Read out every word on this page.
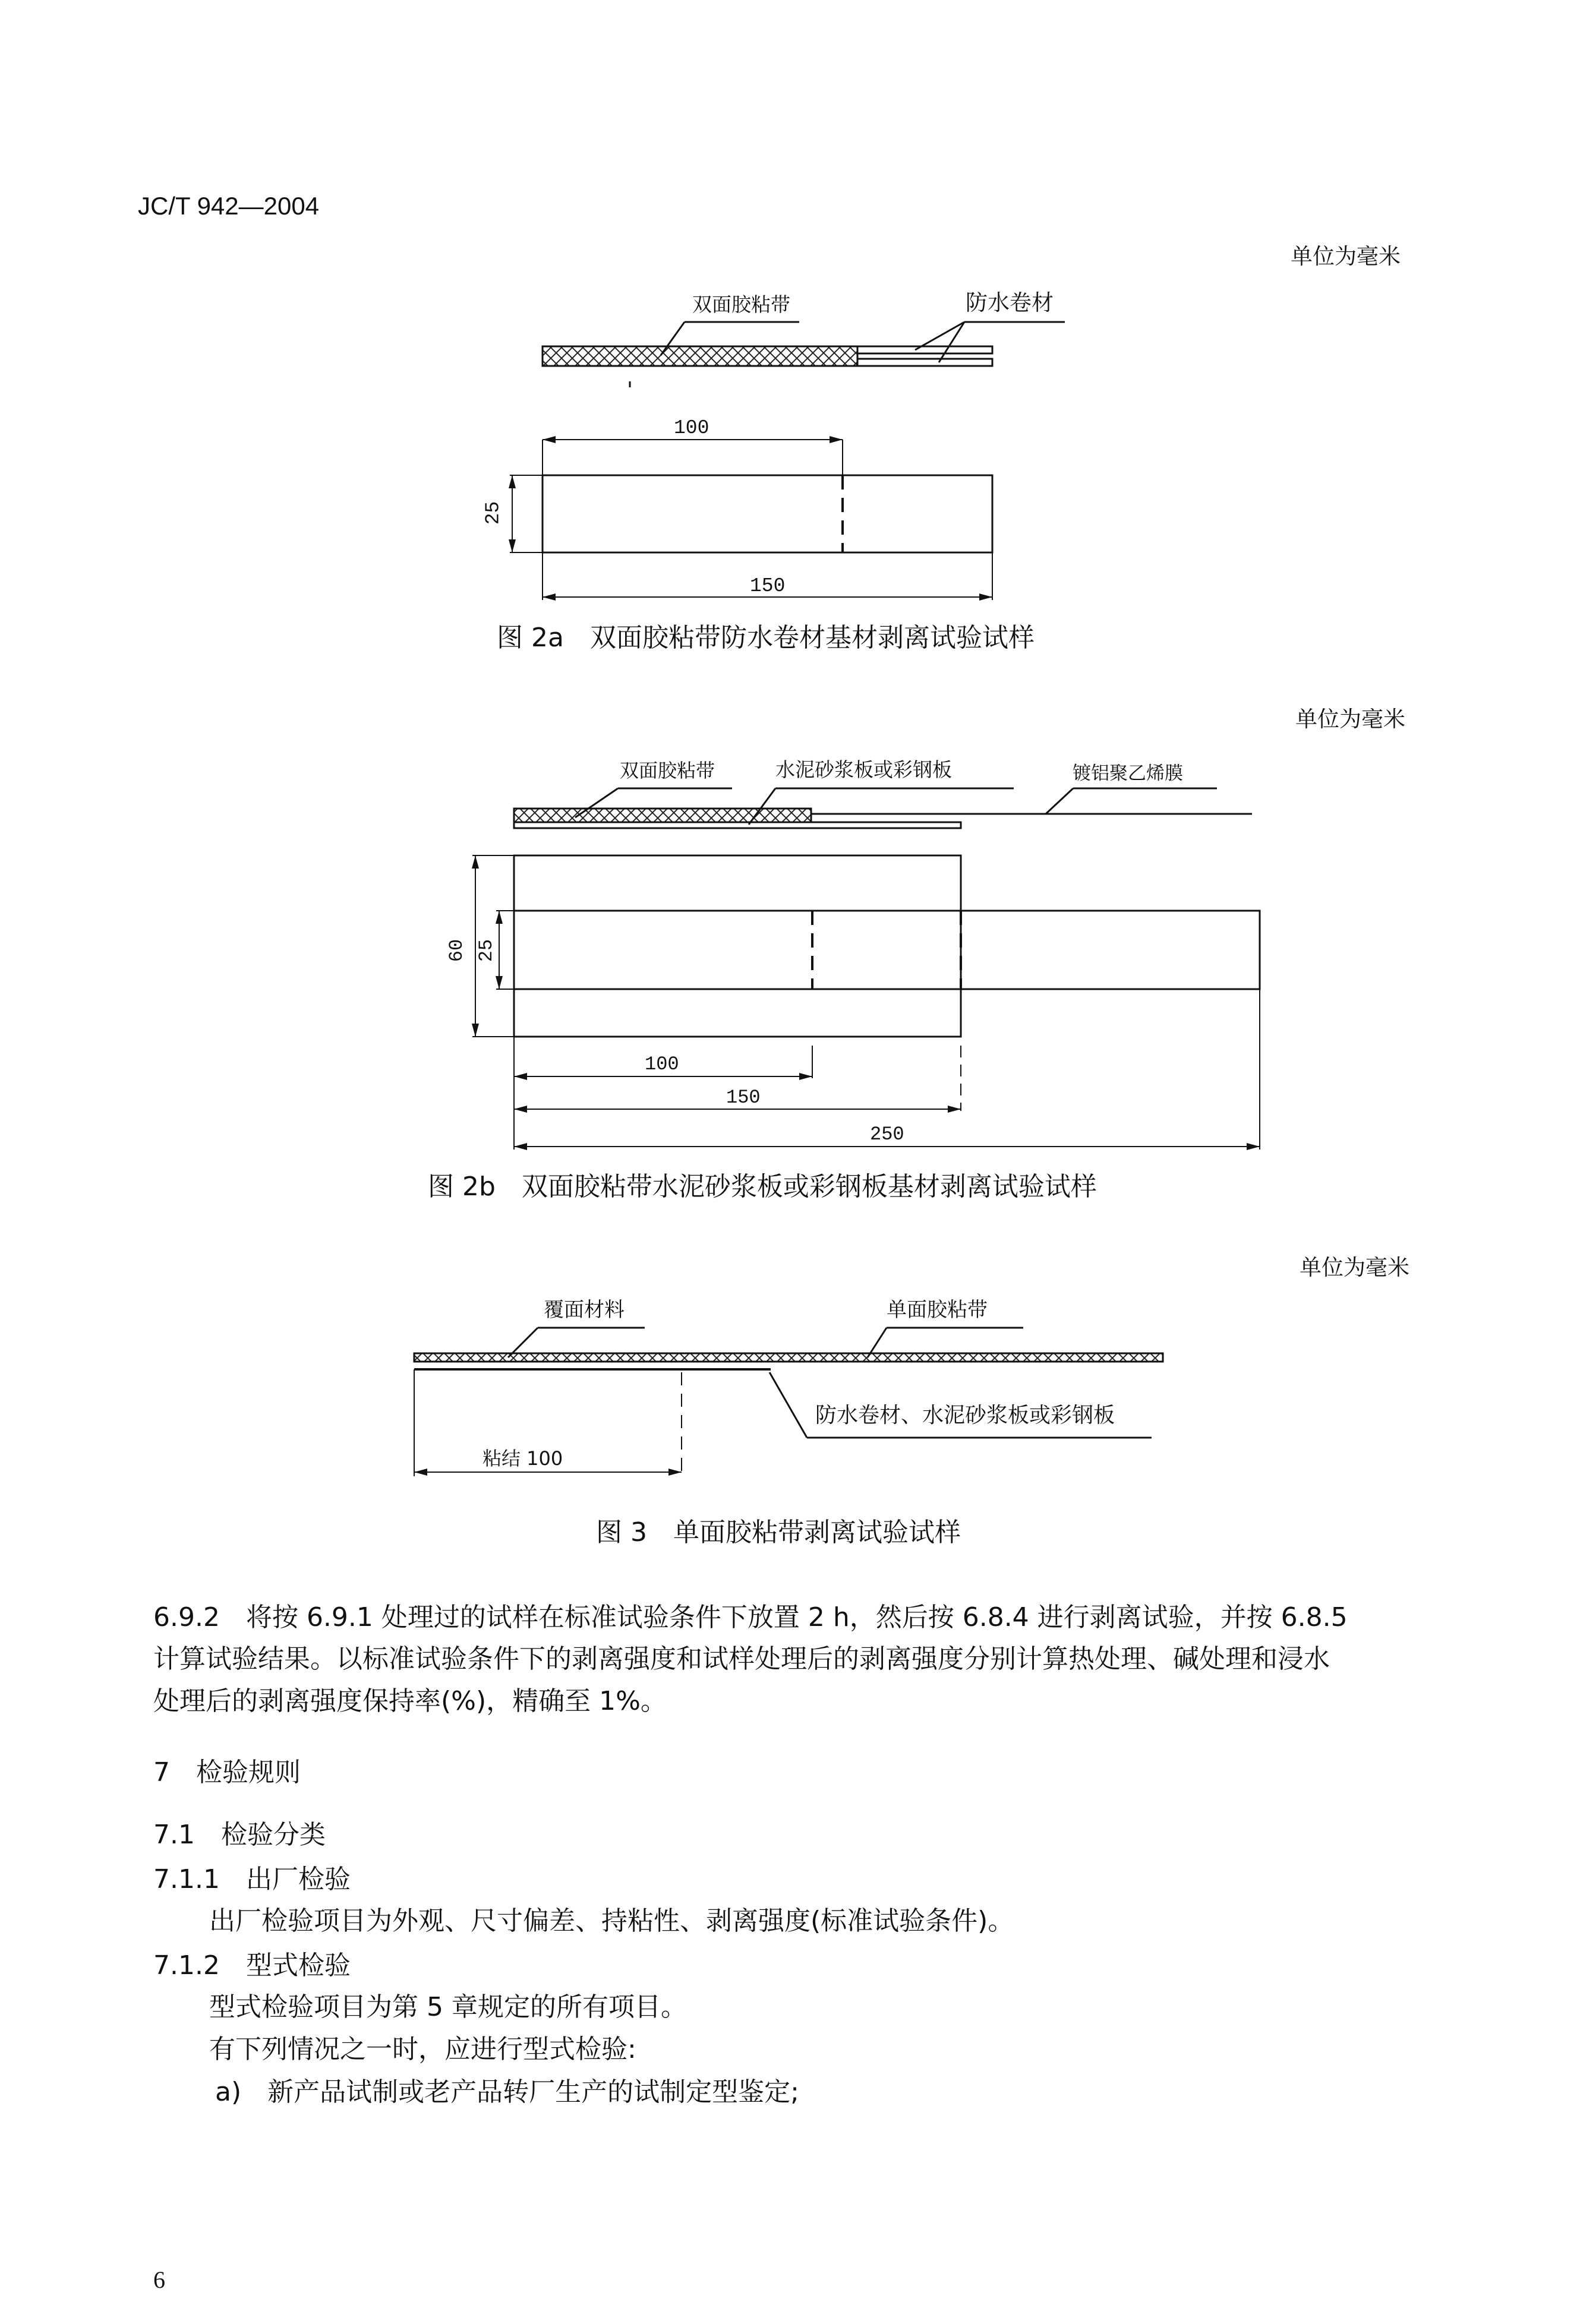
JC/T 942—2004
单位为毫米
双面胶粘带	防水卷材
100
25
150
图 2a　双面胶粘带防水卷材基材剥离试验试样
单位为毫米
双面胶粘带	水泥砂浆板或彩钢板	镀铝聚乙烯膜
60 25
100
150
250
图 2b　双面胶粘带水泥砂浆板或彩钢板基材剥离试验试样
单位为毫米
覆面材料	单面胶粘带
防水卷材、水泥砂浆板或彩钢板
粘结 100
图 3　单面胶粘带剥离试验试样
6.9.2　将按 6.9.1 处理过的试样在标准试验条件下放置 2 h，然后按 6.8.4 进行剥离试验，并按 6.8.5
计算试验结果。以标准试验条件下的剥离强度和试样处理后的剥离强度分别计算热处理、碱处理和浸水
处理后的剥离强度保持率(%)，精确至 1%。
7　检验规则
7.1　检验分类
7.1.1　出厂检验
出厂检验项目为外观、尺寸偏差、持粘性、剥离强度(标准试验条件)。
7.1.2　型式检验
型式检验项目为第 5 章规定的所有项目。
有下列情况之一时，应进行型式检验:
a)　新产品试制或老产品转厂生产的试制定型鉴定;
6
